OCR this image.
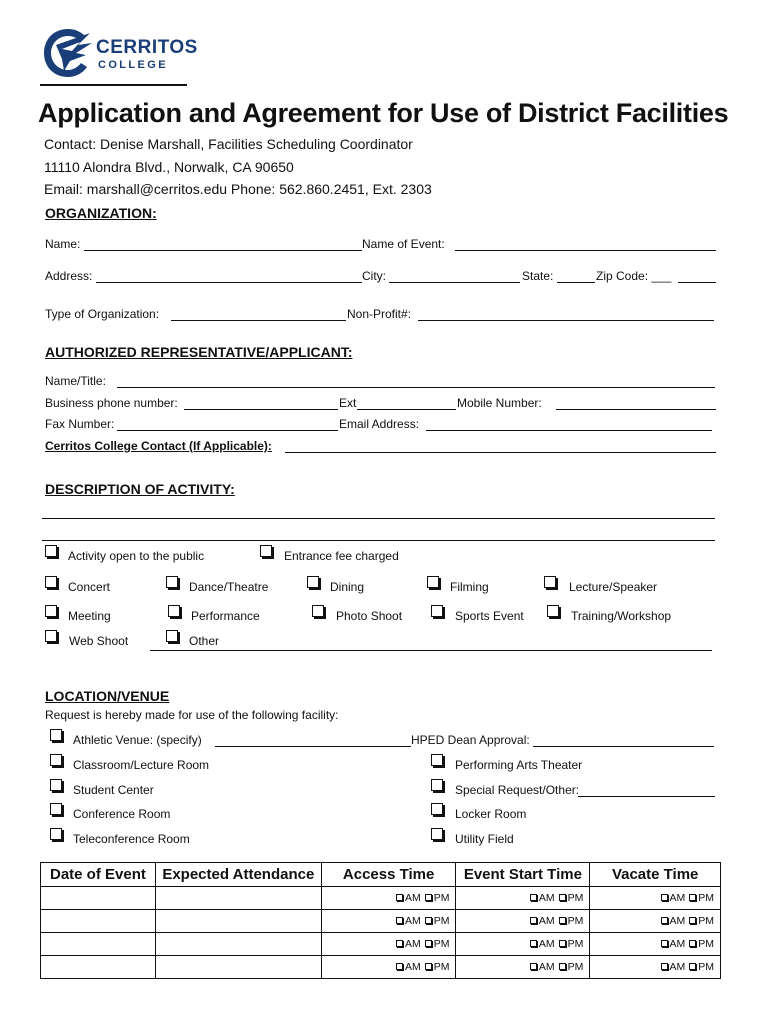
CERRITOS
COLLEGE
Application and Agreement for Use of District Facilities
Contact: Denise Marshall, Facilities Scheduling Coordinator
11110 Alondra Blvd., Norwalk, CA 90650
Email: marshall@cerritos.edu Phone: 562.860.2451, Ext. 2303
ORGANIZATION:
Name:	Name of Event:
Address:	City:	State:	Zip Code: ___
Type of Organization:	Non-Profit#:
AUTHORIZED REPRESENTATIVE/APPLICANT:
Name/Title:
Business phone number:	Ext	Mobile Number:
Fax Number:	Email Address:
Cerritos College Contact (If Applicable):
DESCRIPTION OF ACTIVITY:
Activity open to the public	Entrance fee charged
Concert	Dance/Theatre	Dining	Filming	Lecture/Speaker
Meeting	Performance	Photo Shoot	Sports Event	Training/Workshop
Web Shoot	Other
LOCATION/VENUE
Request is hereby made for use of the following facility:
Athletic Venue: (specify)	HPED Dean Approval:
Classroom/Lecture Room	Performing Arts Theater
Student Center	Special Request/Other:
Conference Room	Locker Room
Teleconference Room	Utility Field
Date of Event	Expected Attendance	Access Time	Event Start Time	Vacate Time
		AM PM	AM PM	AM PM
		AM PM	AM PM	AM PM
		AM PM	AM PM	AM PM
		AM PM	AM PM	AM PM
